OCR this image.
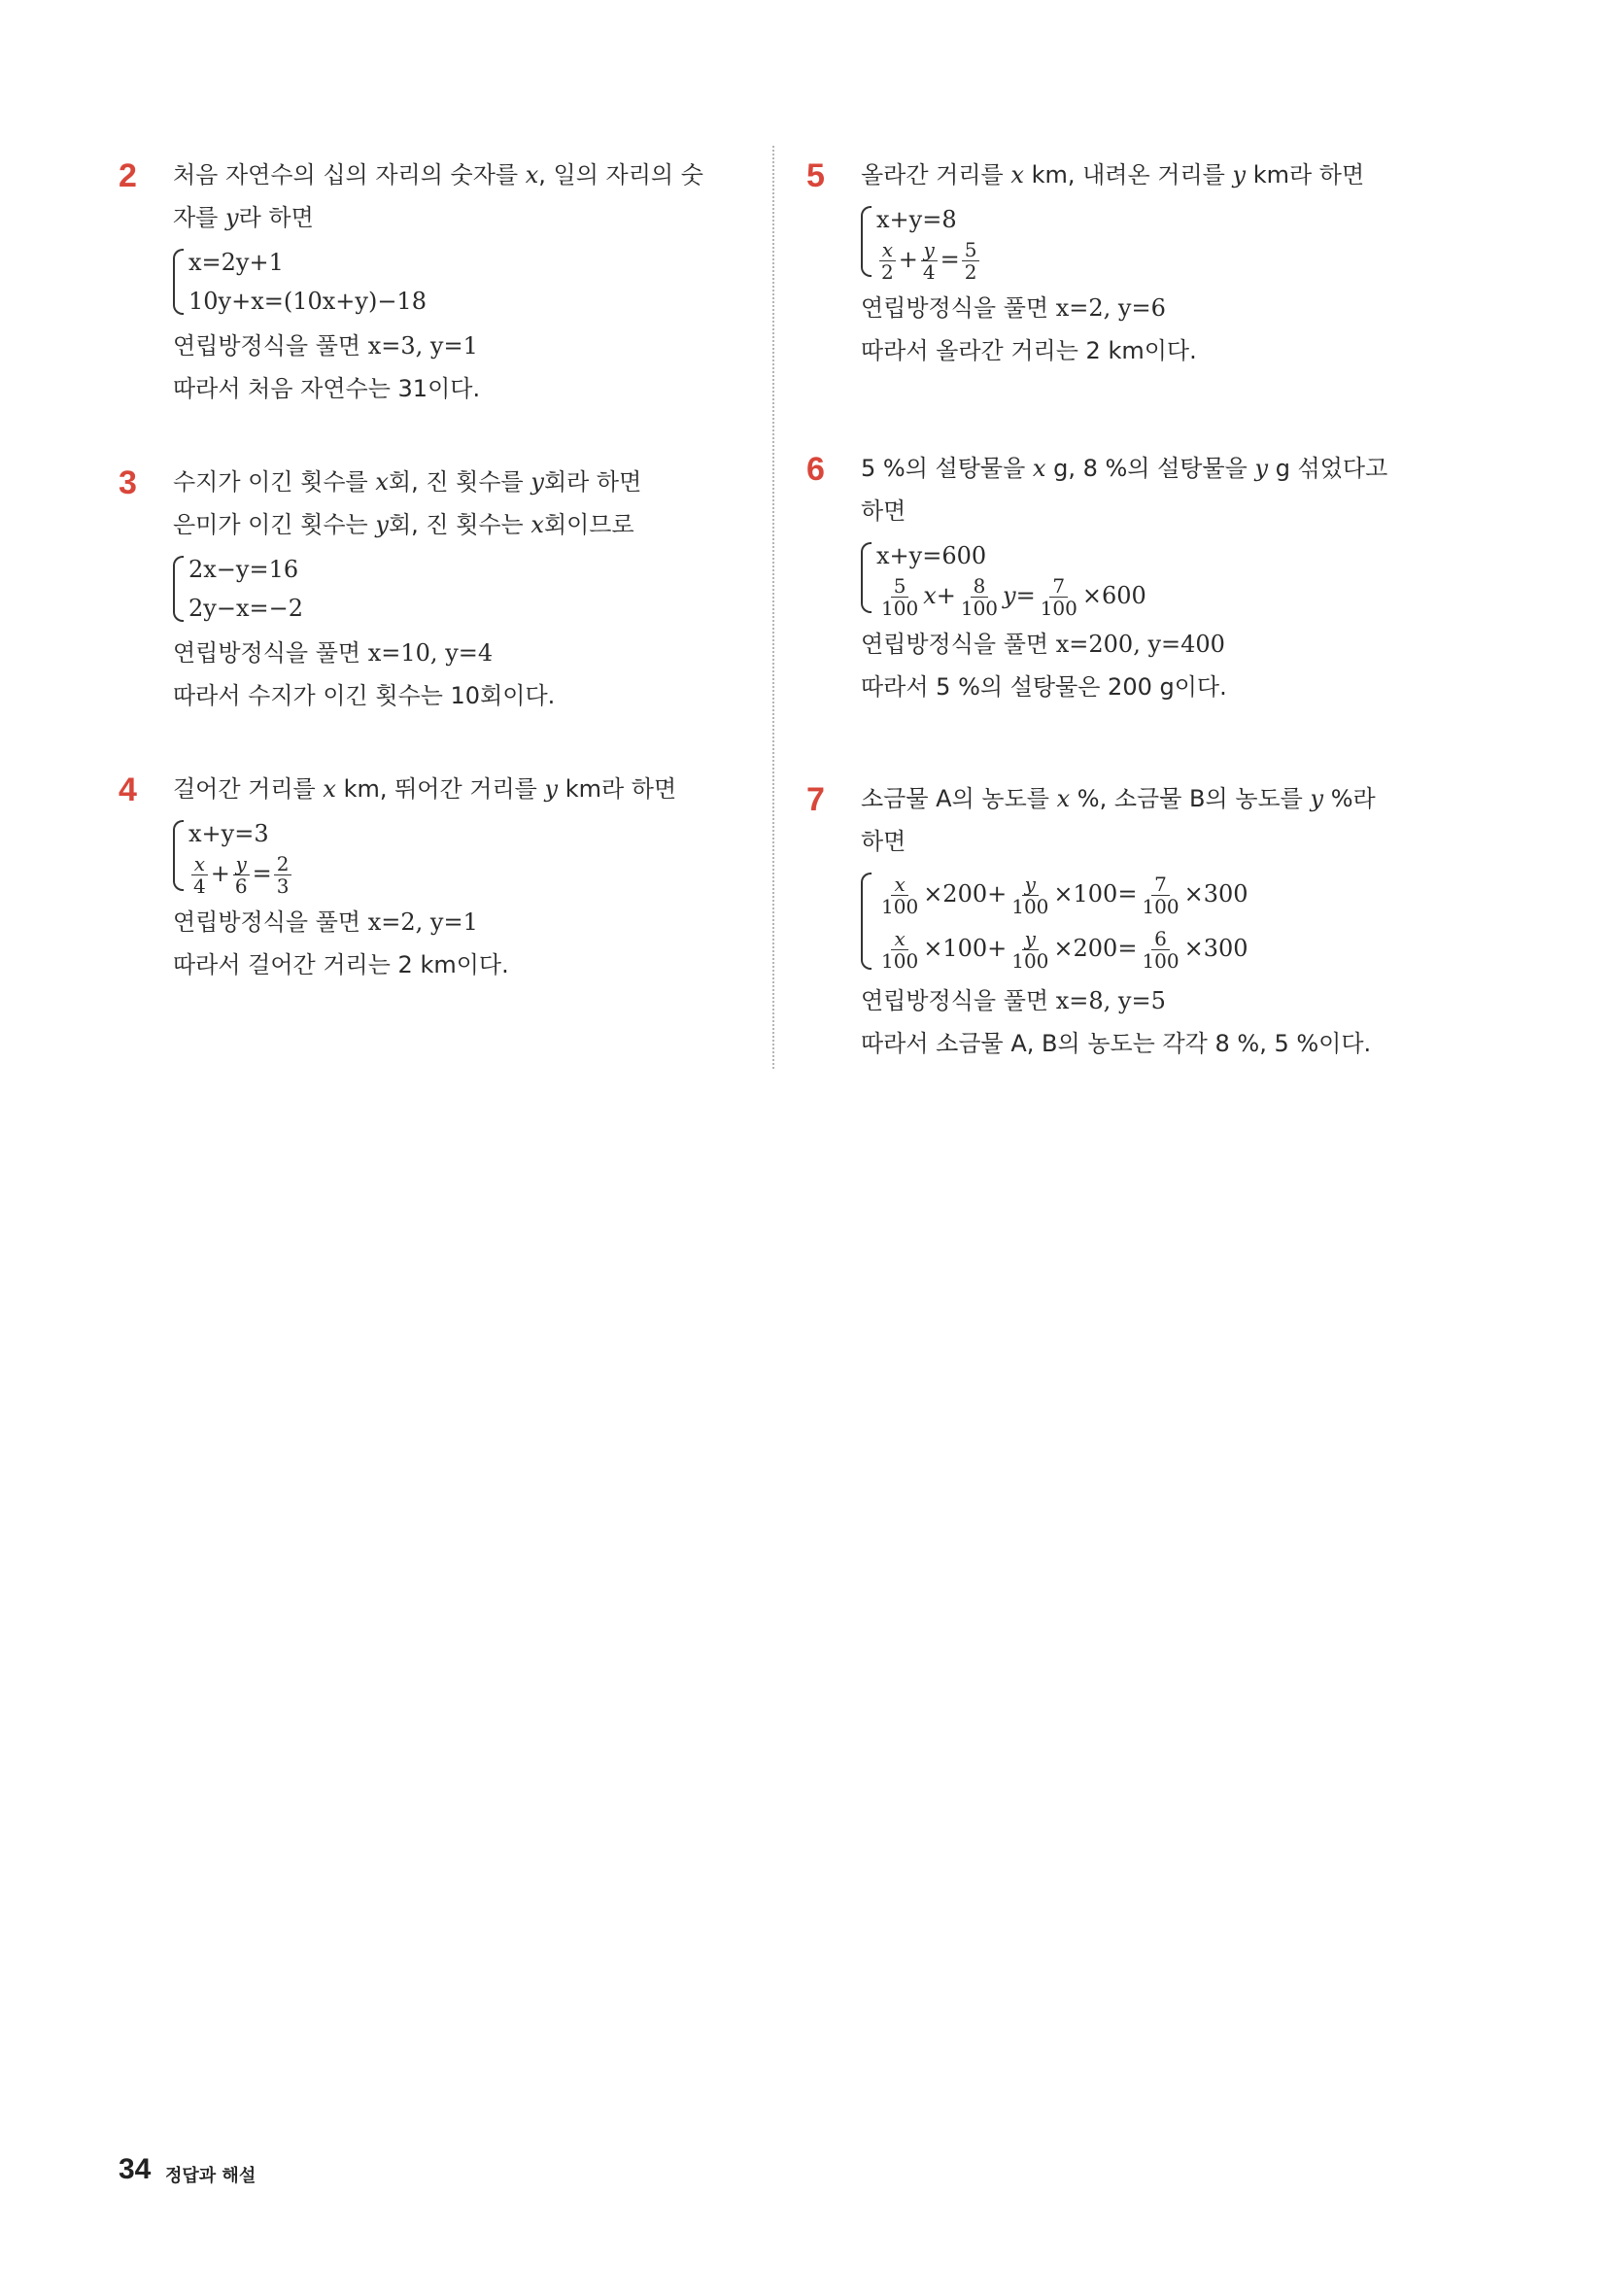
2 처음 자연수의 십의 자리의 숫자를 x, 일의 자리의 숫
자를 y라 하면
x=2y+1
10y+x=(10x+y)−18
연립방정식을 풀면 x=3, y=1
따라서 처음 자연수는 31이다.
3 수지가 이긴 횟수를 x회, 진 횟수를 y회라 하면
은미가 이긴 횟수는 y회, 진 횟수는 x회이므로
2x−y=16
2y−x=−2
연립방정식을 풀면 x=10, y=4
따라서 수지가 이긴 횟수는 10회이다.
4 걸어간 거리를 x km, 뛰어간 거리를 y km라 하면
x+y=3
$\frac{x}{4} + \frac{y}{6} = \frac{2}{3}$
연립방정식을 풀면 x=2, y=1
따라서 걸어간 거리는 2 km이다.
5 올라간 거리를 x km, 내려온 거리를 y km라 하면
x+y=8
$\frac{x}{2} + \frac{y}{4} = \frac{5}{2}$
연립방정식을 풀면 x=2, y=6
따라서 올라간 거리는 2 km이다.
6 5 %의 설탕물을 x g, 8 %의 설탕물을 y g 섞었다고
하면
x+y=600
$\frac{5}{100} x+ \frac{8}{100} y= \frac{7}{100} \times 600$
연립방정식을 풀면 x=200, y=400
따라서 5 %의 설탕물은 200 g이다.
7 소금물 A의 농도를 x %, 소금물 B의 농도를 y %라
하면
$\frac{x}{100} \times 200+ \frac{y}{100} \times 100= \frac{7}{100} \times 300$
$\frac{x}{100} \times 100+ \frac{y}{100} \times 200= \frac{6}{100} \times 300$
연립방정식을 풀면 x=8, y=5
따라서 소금물 A, B의 농도는 각각 8 %, 5 %이다.
34 정답과 해설
